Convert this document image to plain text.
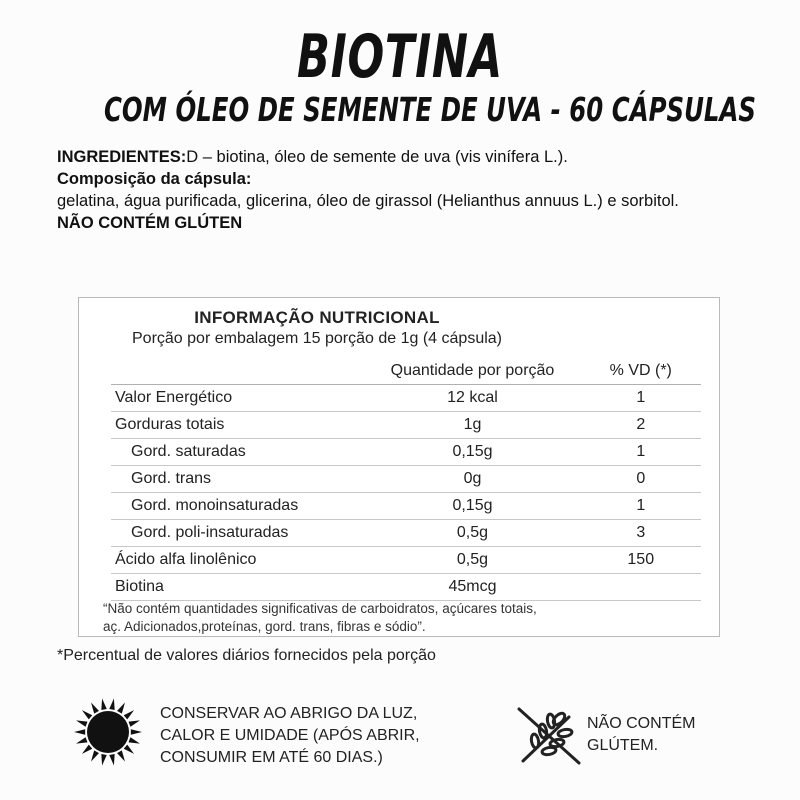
BIOTINA
COM ÓLEO DE SEMENTE DE UVA - 60 CÁPSULAS
INGREDIENTES:D – biotina, óleo de semente de uva (vis vinífera L.).
Composição da cápsula:
gelatina, água purificada, glicerina, óleo de girassol (Helianthus annuus L.) e sorbitol.
NÃO CONTÉM GLÚTEN
INFORMAÇÃO NUTRICIONAL
Porção por embalagem 15 porção de 1g (4 cápsula)
	Quantidade por porção	% VD (*)
Valor Energético	12 kcal	1
Gorduras totais	1g	2
Gord. saturadas	0,15g	1
Gord. trans	0g	0
Gord. monoinsaturadas	0,15g	1
Gord. poli-insaturadas	0,5g	3
Ácido alfa linolênico	0,5g	150
Biotina	45mcg	
“Não contém quantidades significativas de carboidratos, açúcares totais,
aç. Adicionados,proteínas, gord. trans, fibras e sódio”.
*Percentual de valores diários fornecidos pela porção
CONSERVAR AO ABRIGO DA LUZ,
CALOR E UMIDADE (APÓS ABRIR,
CONSUMIR EM ATÉ 60 DIAS.)
NÃO CONTÉM
GLÚTEM.
